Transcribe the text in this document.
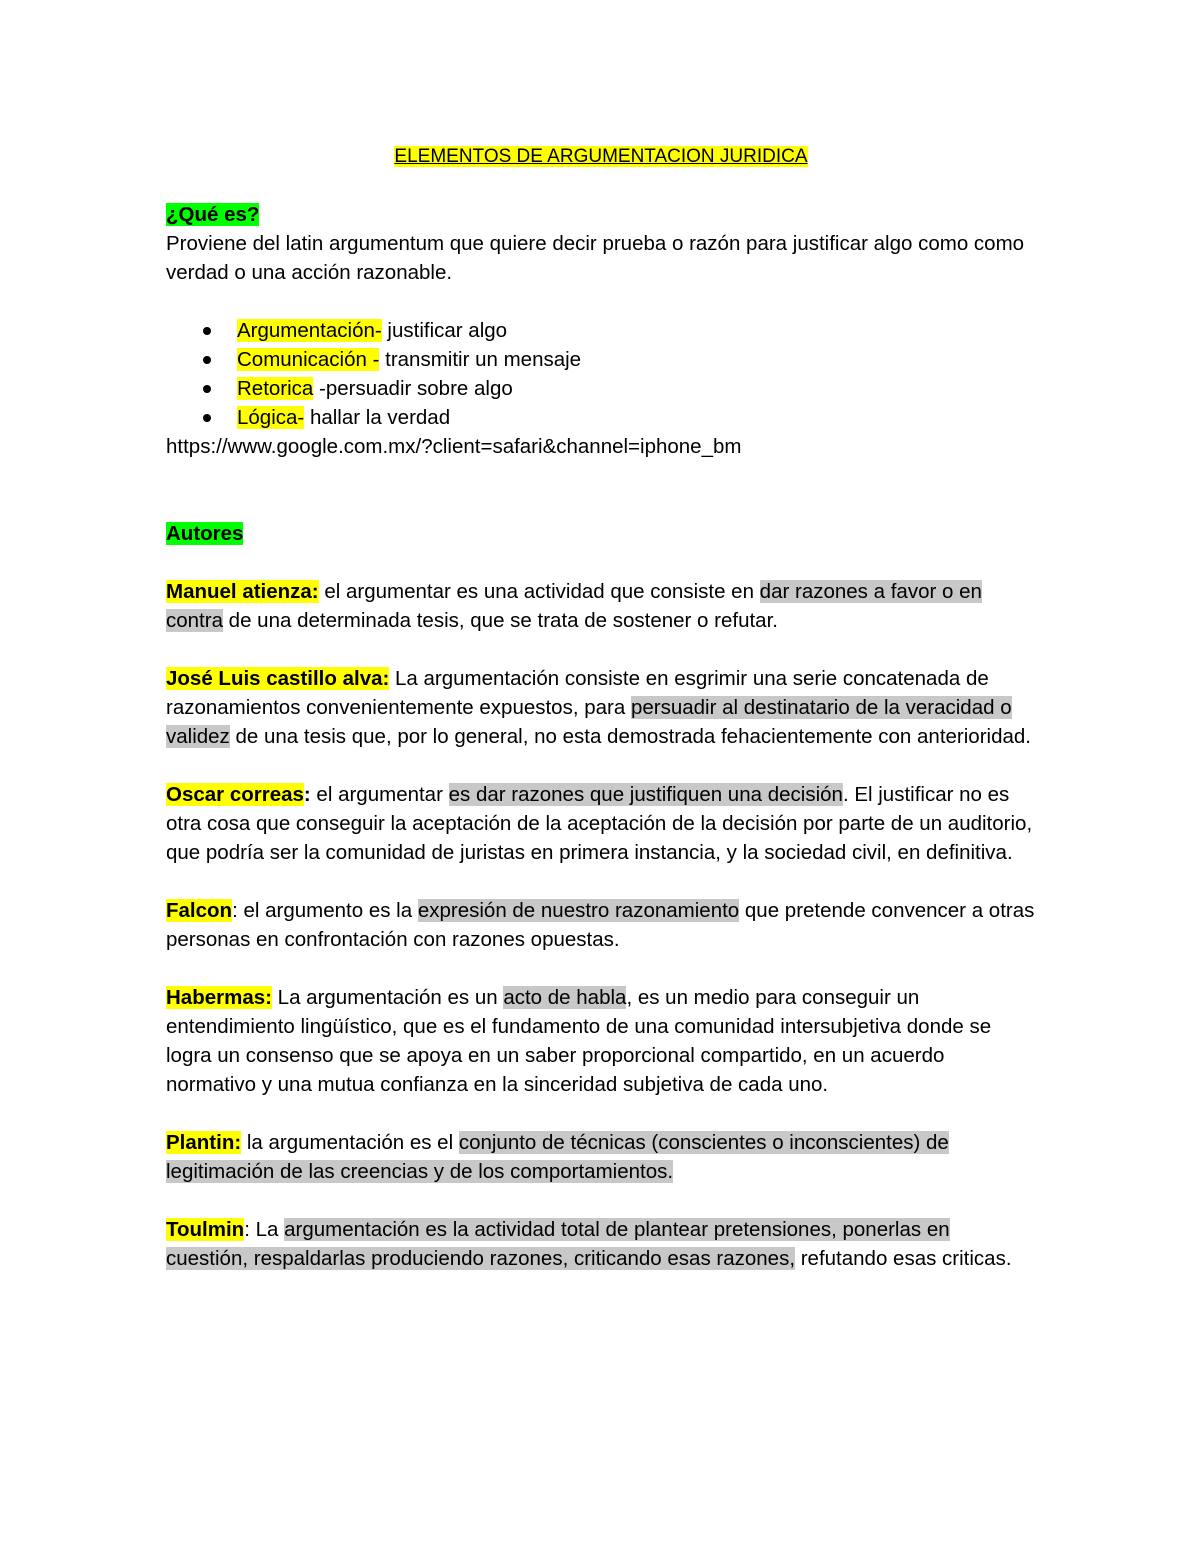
ELEMENTOS DE ARGUMENTACION JURIDICA

¿Qué es?

Proviene del latin argumentum que quiere decir prueba o razón para justificar algo como como verdad o una acción razonable.

Argumentación- justificar algo
Comunicación - transmitir un mensaje
Retorica -persuadir sobre algo
Lógica- hallar la verdad

https://www.google.com.mx/?client=safari&channel=iphone_bm

Autores

Manuel atienza: el argumentar es una actividad que consiste en dar razones a favor o en contra de una determinada tesis, que se trata de sostener o refutar.

José Luis castillo alva: La argumentación consiste en esgrimir una serie concatenada de razonamientos convenientemente expuestos, para persuadir al destinatario de la veracidad o validez de una tesis que, por lo general, no esta demostrada fehacientemente con anterioridad.

Oscar correas: el argumentar es dar razones que justifiquen una decisión. El justificar no es otra cosa que conseguir la aceptación de la aceptación de la decisión por parte de un auditorio, que podría ser la comunidad de juristas en primera instancia, y la sociedad civil, en definitiva.

Falcon: el argumento es la expresión de nuestro razonamiento que pretende convencer a otras personas en confrontación con razones opuestas.

Habermas: La argumentación es un acto de habla, es un medio para conseguir un entendimiento lingüístico, que es el fundamento de una comunidad intersubjetiva donde se logra un consenso que se apoya en un saber proporcional compartido, en un acuerdo normativo y una mutua confianza en la sinceridad subjetiva de cada uno.

Plantin: la argumentación es el conjunto de técnicas (conscientes o inconscientes) de legitimación de las creencias y de los comportamientos.

Toulmin: La argumentación es la actividad total de plantear pretensiones, ponerlas en cuestión, respaldarlas produciendo razones, criticando esas razones, refutando esas criticas.
